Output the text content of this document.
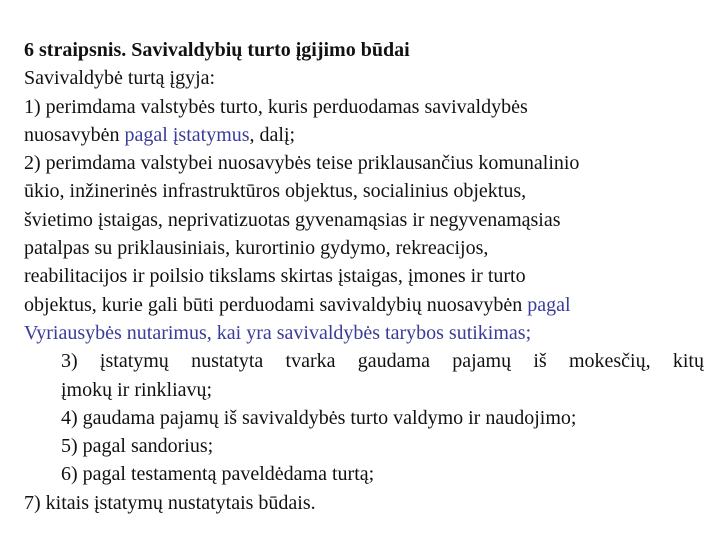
6 straipsnis. Savivaldybių turto įgijimo būdai
Savivaldybė turtą įgyja:
1) perimdama valstybės turto, kuris perduodamas savivaldybės
nuosavybėn pagal įstatymus, dalį;
2) perimdama valstybei nuosavybės teise priklausančius komunalinio
ūkio, inžinerinės infrastruktūros objektus, socialinius objektus,
švietimo įstaigas, neprivatizuotas gyvenamąsias ir negyvenamąsias
patalpas su priklausiniais, kurortinio gydymo, rekreacijos,
reabilitacijos ir poilsio tikslams skirtas įstaigas, įmones ir turto
objektus, kurie gali būti perduodami savivaldybių nuosavybėn pagal
Vyriausybės nutarimus, kai yra savivaldybės tarybos sutikimas;
3) įstatymų nustatyta tvarka gaudama pajamų iš mokesčių, kitų
įmokų ir rinkliavų;
4) gaudama pajamų iš savivaldybės turto valdymo ir naudojimo;
5) pagal sandorius;
6) pagal testamentą paveldėdama turtą;
7) kitais įstatymų nustatytais būdais.
